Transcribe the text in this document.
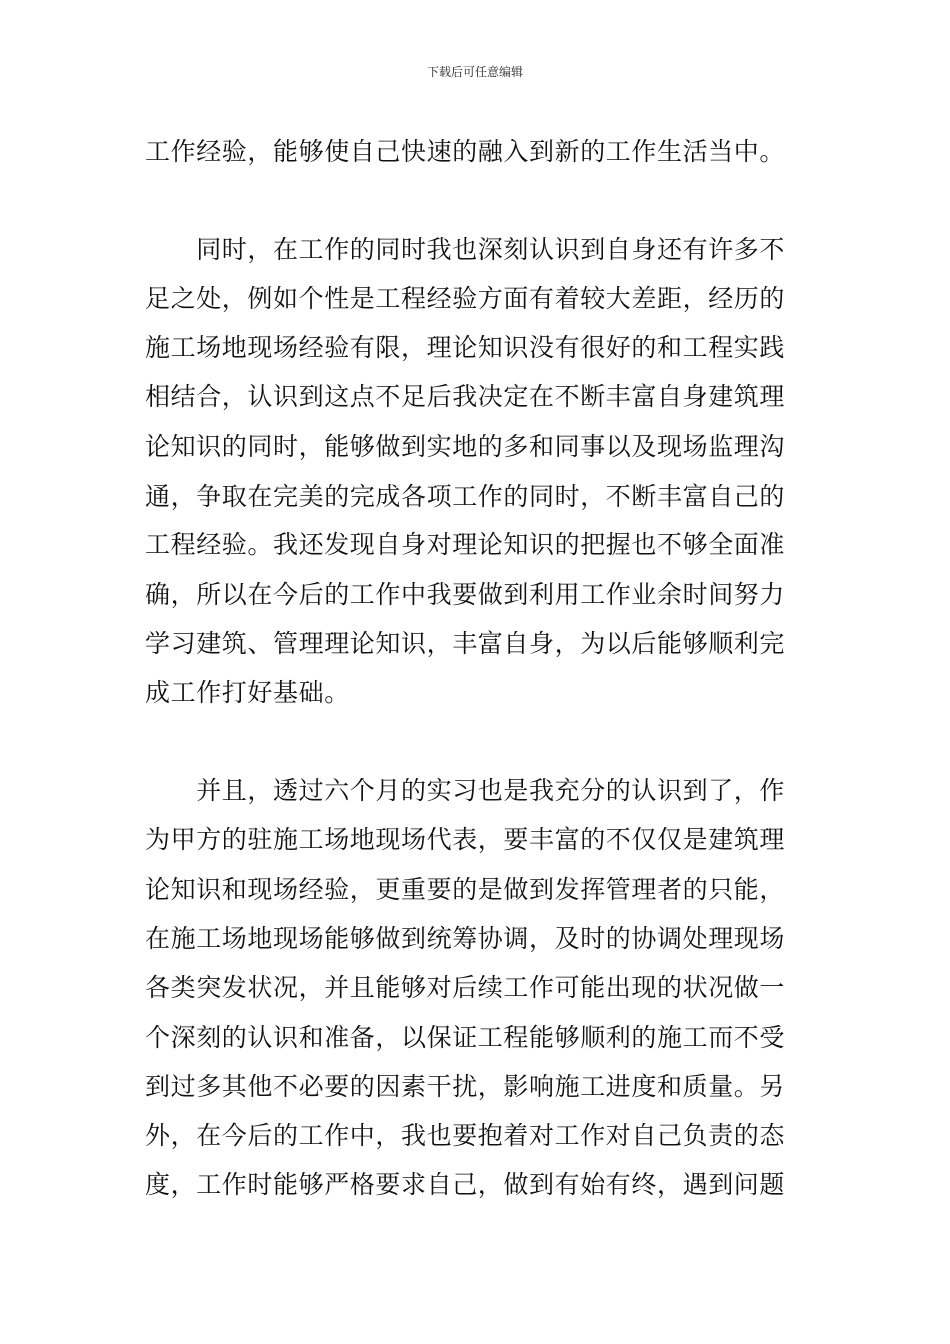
下载后可任意编辑
工作经验，能够使自己快速的融入到新的工作生活当中。
　　同时，在工作的同时我也深刻认识到自身还有许多不
足之处，例如个性是工程经验方面有着较大差距，经历的
施工场地现场经验有限，理论知识没有很好的和工程实践
相结合，认识到这点不足后我决定在不断丰富自身建筑理
论知识的同时，能够做到实地的多和同事以及现场监理沟
通，争取在完美的完成各项工作的同时，不断丰富自己的
工程经验。我还发现自身对理论知识的把握也不够全面准
确，所以在今后的工作中我要做到利用工作业余时间努力
学习建筑、管理理论知识，丰富自身，为以后能够顺利完
成工作打好基础。
　　并且，透过六个月的实习也是我充分的认识到了，作
为甲方的驻施工场地现场代表，要丰富的不仅仅是建筑理
论知识和现场经验，更重要的是做到发挥管理者的只能，
在施工场地现场能够做到统筹协调，及时的协调处理现场
各类突发状况，并且能够对后续工作可能出现的状况做一
个深刻的认识和准备，以保证工程能够顺利的施工而不受
到过多其他不必要的因素干扰，影响施工进度和质量。另
外，在今后的工作中，我也要抱着对工作对自己负责的态
度，工作时能够严格要求自己，做到有始有终，遇到问题
